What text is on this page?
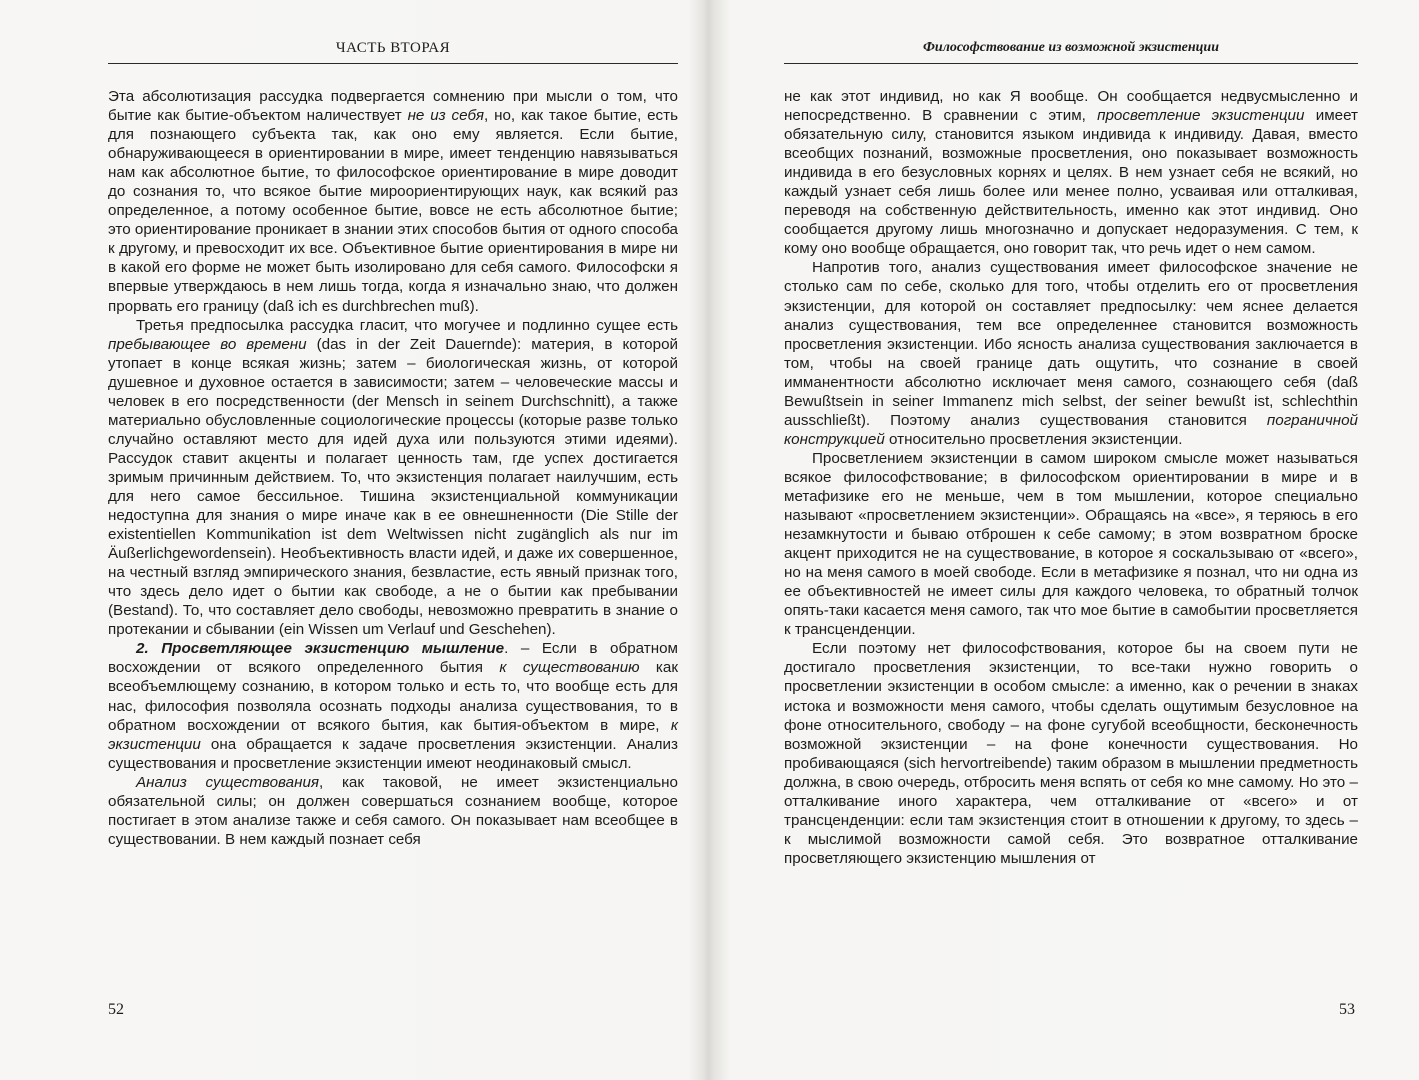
ЧАСТЬ ВТОРАЯ

Эта абсолютизация рассудка подвергается сомнению при мысли о том, что бытие как бытие-объектом наличествует не из себя, но, как такое бытие, есть для познающего субъекта так, как оно ему является. Если бытие, обнаруживающееся в ориентировании в мире, имеет тенденцию навязываться нам как абсолютное бытие, то философское ориентирование в мире доводит до сознания то, что всякое бытие мироориентирующих наук, как всякий раз определенное, а потому особенное бытие, вовсе не есть абсолютное бытие; это ориентирование проникает в знании этих способов бытия от одного способа к другому, и превосходит их все. Объективное бытие ориентирования в мире ни в какой его форме не может быть изолировано для себя самого. Философски я впервые утверждаюсь в нем лишь тогда, когда я изначально знаю, что должен прорвать его границу (daß ich es durchbrechen muß).

Третья предпосылка рассудка гласит, что могучее и подлинно сущее есть пребывающее во времени (das in der Zeit Dauernde): материя, в которой утопает в конце всякая жизнь; затем – биологическая жизнь, от которой душевное и духовное остается в зависимости; затем – человеческие массы и человек в его посредственности (der Mensch in seinem Durchschnitt), а также материально обусловленные социологические процессы (которые разве только случайно оставляют место для идей духа или пользуются этими идеями). Рассудок ставит акценты и полагает ценность там, где успех достигается зримым причинным действием. То, что экзистенция полагает наилучшим, есть для него самое бессильное. Тишина экзистенциальной коммуникации недоступна для знания о мире иначе как в ее овнешненности (Die Stille der existentiellen Kommunikation ist dem Weltwissen nicht zugänglich als nur im Äußerlichgewordensein). Необъективность власти идей, и даже их совершенное, на честный взгляд эмпирического знания, безвластие, есть явный признак того, что здесь дело идет о бытии как свободе, а не о бытии как пребывании (Bestand). То, что составляет дело свободы, невозможно превратить в знание о протекании и сбывании (ein Wissen um Verlauf und Geschehen).

2. Просветляющее экзистенцию мышление. – Если в обратном восхождении от всякого определенного бытия к существованию как всеобъемлющему сознанию, в котором только и есть то, что вообще есть для нас, философия позволяла осознать подходы анализа существования, то в обратном восхождении от всякого бытия, как бытия-объектом в мире, к экзистенции она обращается к задаче просветления экзистенции. Анализ существования и просветление экзистенции имеют неодинаковый смысл.

Анализ существования, как таковой, не имеет экзистенциально обязательной силы; он должен совершаться сознанием вообще, которое постигает в этом анализе также и себя самого. Он показывает нам всеобщее в существовании. В нем каждый познает себя

52
Философствование из возможной экзистенции

не как этот индивид, но как Я вообще. Он сообщается недвусмысленно и непосредственно. В сравнении с этим, просветление экзистенции имеет обязательную силу, становится языком индивида к индивиду. Давая, вместо всеобщих познаний, возможные просветления, оно показывает возможность индивида в его безусловных корнях и целях. В нем узнает себя не всякий, но каждый узнает себя лишь более или менее полно, усваивая или отталкивая, переводя на собственную действительность, именно как этот индивид. Оно сообщается другому лишь многозначно и допускает недоразумения. С тем, к кому оно вообще обращается, оно говорит так, что речь идет о нем самом.

Напротив того, анализ существования имеет философское значение не столько сам по себе, сколько для того, чтобы отделить его от просветления экзистенции, для которой он составляет предпосылку: чем яснее делается анализ существования, тем все определеннее становится возможность просветления экзистенции. Ибо ясность анализа существования заключается в том, чтобы на своей границе дать ощутить, что сознание в своей имманентности абсолютно исключает меня самого, сознающего себя (daß Bewußtsein in seiner Immanenz mich selbst, der seiner bewußt ist, schlechthin ausschließt). Поэтому анализ существования становится пограничной конструкцией относительно просветления экзистенции.

Просветлением экзистенции в самом широком смысле может называться всякое философствование; в философском ориентировании в мире и в метафизике его не меньше, чем в том мышлении, которое специально называют «просветлением экзистенции». Обращаясь на «все», я теряюсь в его незамкнутости и бываю отброшен к себе самому; в этом возвратном броске акцент приходится не на существование, в которое я соскальзываю от «всего», но на меня самого в моей свободе. Если в метафизике я познал, что ни одна из ее объективностей не имеет силы для каждого человека, то обратный толчок опять-таки касается меня самого, так что мое бытие в самобытии просветляется к трансценденции.

Если поэтому нет философствования, которое бы на своем пути не достигало просветления экзистенции, то все-таки нужно говорить о просветлении экзистенции в особом смысле: а именно, как о речении в знаках истока и возможности меня самого, чтобы сделать ощутимым безусловное на фоне относительного, свободу – на фоне сугубой всеобщности, бесконечность возможной экзистенции – на фоне конечности существования. Но пробивающаяся (sich hervortreibende) таким образом в мышлении предметность должна, в свою очередь, отбросить меня вспять от себя ко мне самому. Но это – отталкивание иного характера, чем отталкивание от «всего» и от трансценденции: если там экзистенция стоит в отношении к другому, то здесь – к мыслимой возможности самой себя. Это возвратное отталкивание просветляющего экзистенцию мышления от

53
